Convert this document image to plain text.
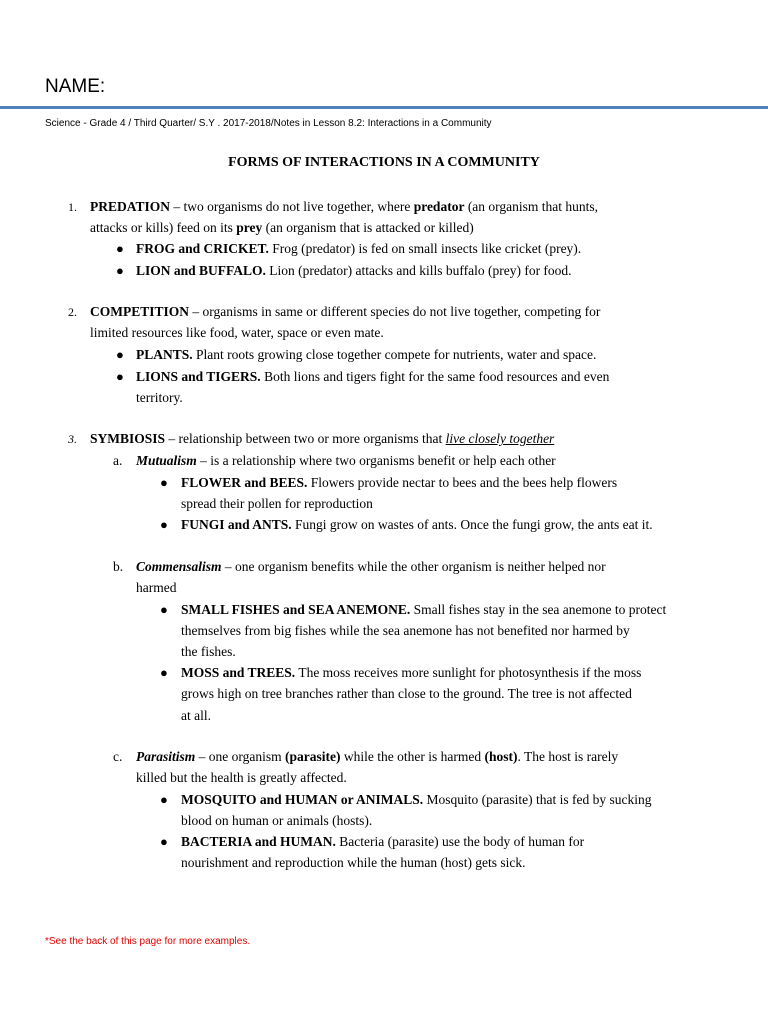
NAME:
Science - Grade 4 / Third Quarter/ S.Y . 2017-2018/Notes in Lesson 8.2: Interactions in a Community
FORMS OF INTERACTIONS IN A COMMUNITY
1. PREDATION – two organisms do not live together, where predator (an organism that hunts,
attacks or kills) feed on its prey (an organism that is attacked or killed)
● FROG and CRICKET. Frog (predator) is fed on small insects like cricket (prey).
● LION and BUFFALO. Lion (predator) attacks and kills buffalo (prey) for food.
2. COMPETITION – organisms in same or different species do not live together, competing for
limited resources like food, water, space or even mate.
● PLANTS. Plant roots growing close together compete for nutrients, water and space.
● LIONS and TIGERS. Both lions and tigers fight for the same food resources and even
territory.
3. SYMBIOSIS – relationship between two or more organisms that live closely together
a. Mutualism – is a relationship where two organisms benefit or help each other
● FLOWER and BEES. Flowers provide nectar to bees and the bees help flowers
spread their pollen for reproduction
● FUNGI and ANTS. Fungi grow on wastes of ants. Once the fungi grow, the ants eat it.
b. Commensalism – one organism benefits while the other organism is neither helped nor
harmed
● SMALL FISHES and SEA ANEMONE. Small fishes stay in the sea anemone to protect
themselves from big fishes while the sea anemone has not benefited nor harmed by
the fishes.
● MOSS and TREES. The moss receives more sunlight for photosynthesis if the moss
grows high on tree branches rather than close to the ground. The tree is not affected
at all.
c. Parasitism – one organism (parasite) while the other is harmed (host). The host is rarely
killed but the health is greatly affected.
● MOSQUITO and HUMAN or ANIMALS. Mosquito (parasite) that is fed by sucking
blood on human or animals (hosts).
● BACTERIA and HUMAN. Bacteria (parasite) use the body of human for
nourishment and reproduction while the human (host) gets sick.
*See the back of this page for more examples.
